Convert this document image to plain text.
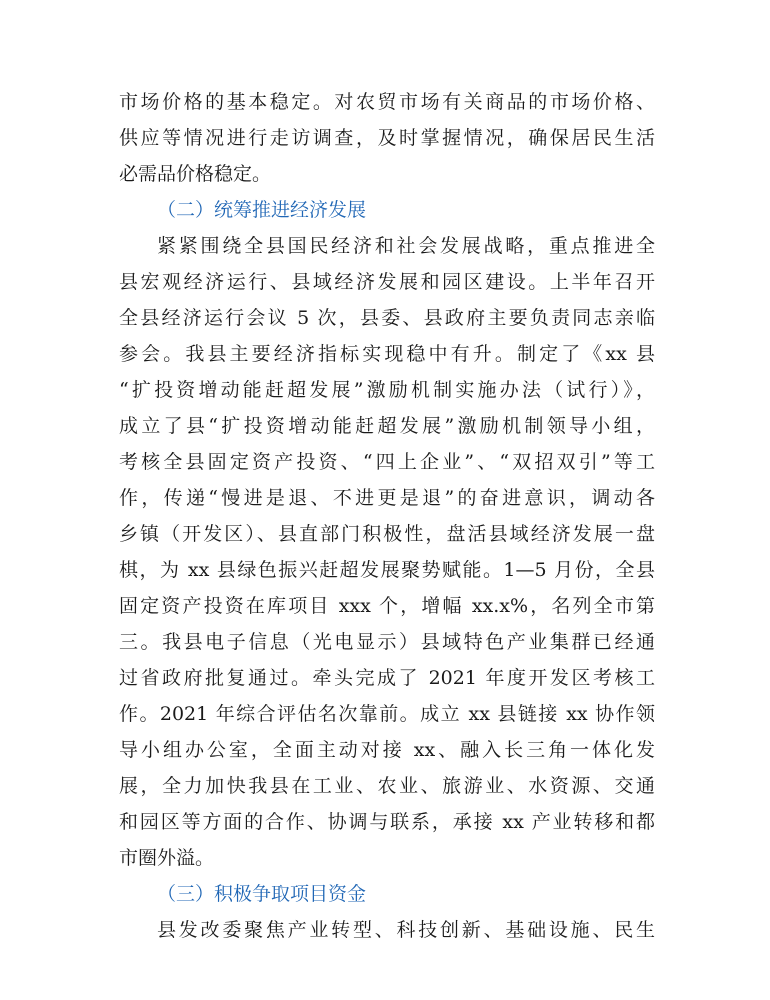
市场价格的基本稳定。对农贸市场有关商品的市场价格、
供应等情况进行走访调查，及时掌握情况，确保居民生活
必需品价格稳定。
（二）统筹推进经济发展
紧紧围绕全县国民经济和社会发展战略，重点推进全
县宏观经济运行、县域经济发展和园区建设。上半年召开
全县经济运行会议 5 次，县委、县政府主要负责同志亲临
参会。我县主要经济指标实现稳中有升。制定了《xx 县
“扩投资增动能赶超发展”激励机制实施办法（试行）》，
成立了县“扩投资增动能赶超发展”激励机制领导小组，
考核全县固定资产投资、“四上企业”、“双招双引”等工
作，传递“慢进是退、不进更是退”的奋进意识，调动各
乡镇（开发区）、县直部门积极性，盘活县域经济发展一盘
棋，为 xx 县绿色振兴赶超发展聚势赋能。1—5 月份，全县
固定资产投资在库项目 xxx 个，增幅 xx.x%，名列全市第
三。我县电子信息（光电显示）县域特色产业集群已经通
过省政府批复通过。牵头完成了 2021 年度开发区考核工
作。2021 年综合评估名次靠前。成立 xx 县链接 xx 协作领
导小组办公室，全面主动对接 xx、融入长三角一体化发
展，全力加快我县在工业、农业、旅游业、水资源、交通
和园区等方面的合作、协调与联系，承接 xx 产业转移和都
市圈外溢。
（三）积极争取项目资金
县发改委聚焦产业转型、科技创新、基础设施、民生
